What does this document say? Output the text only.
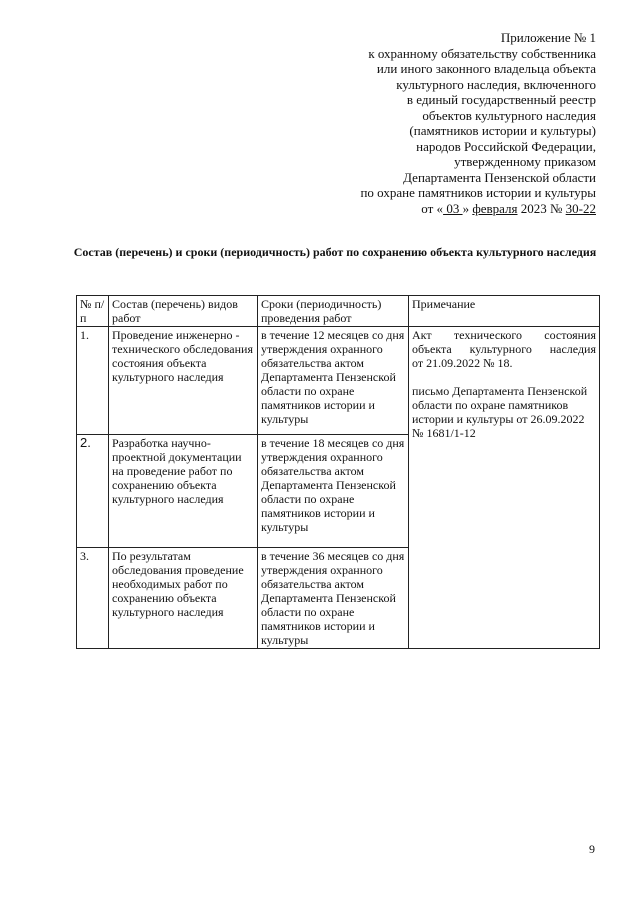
Приложение № 1
к охранному обязательству собственника
или иного законного владельца объекта
культурного наследия, включенного
в единый государственный реестр
объектов культурного наследия
(памятников истории и культуры)
народов Российской Федерации,
утвержденному приказом
Департамента Пензенской области
по охране памятников истории и культуры
от « 03 » февраля 2023 № 30-22
Состав (перечень) и сроки (периодичность) работ по сохранению объекта культурного наследия
№ п/п	Состав (перечень) видов работ	Сроки (периодичность) проведения работ	Примечание
1.	Проведение инженерно - технического обследования состояния объекта культурного наследия	в течение 12 месяцев со дня утверждения охранного обязательства актом Департамента Пензенской области по охране памятников истории и культуры	Акт технического состояния

объекта культурного наследия

от 21.09.2022 № 18.

письмо Департамента Пензенской области по охране памятников истории и культуры от 26.09.2022 № 1681/1-12

2.	Разработка научно-проектной документации на проведение работ по сохранению объекта культурного наследия	в течение 18 месяцев со дня утверждения охранного обязательства актом Департамента Пензенской области по охране памятников истории и культуры	
3.	По результатам обследования проведение необходимых работ по сохранению объекта культурного наследия	в течение 36 месяцев со дня утверждения охранного обязательства актом Департамента Пензенской области по охране памятников истории и культуры	
9
